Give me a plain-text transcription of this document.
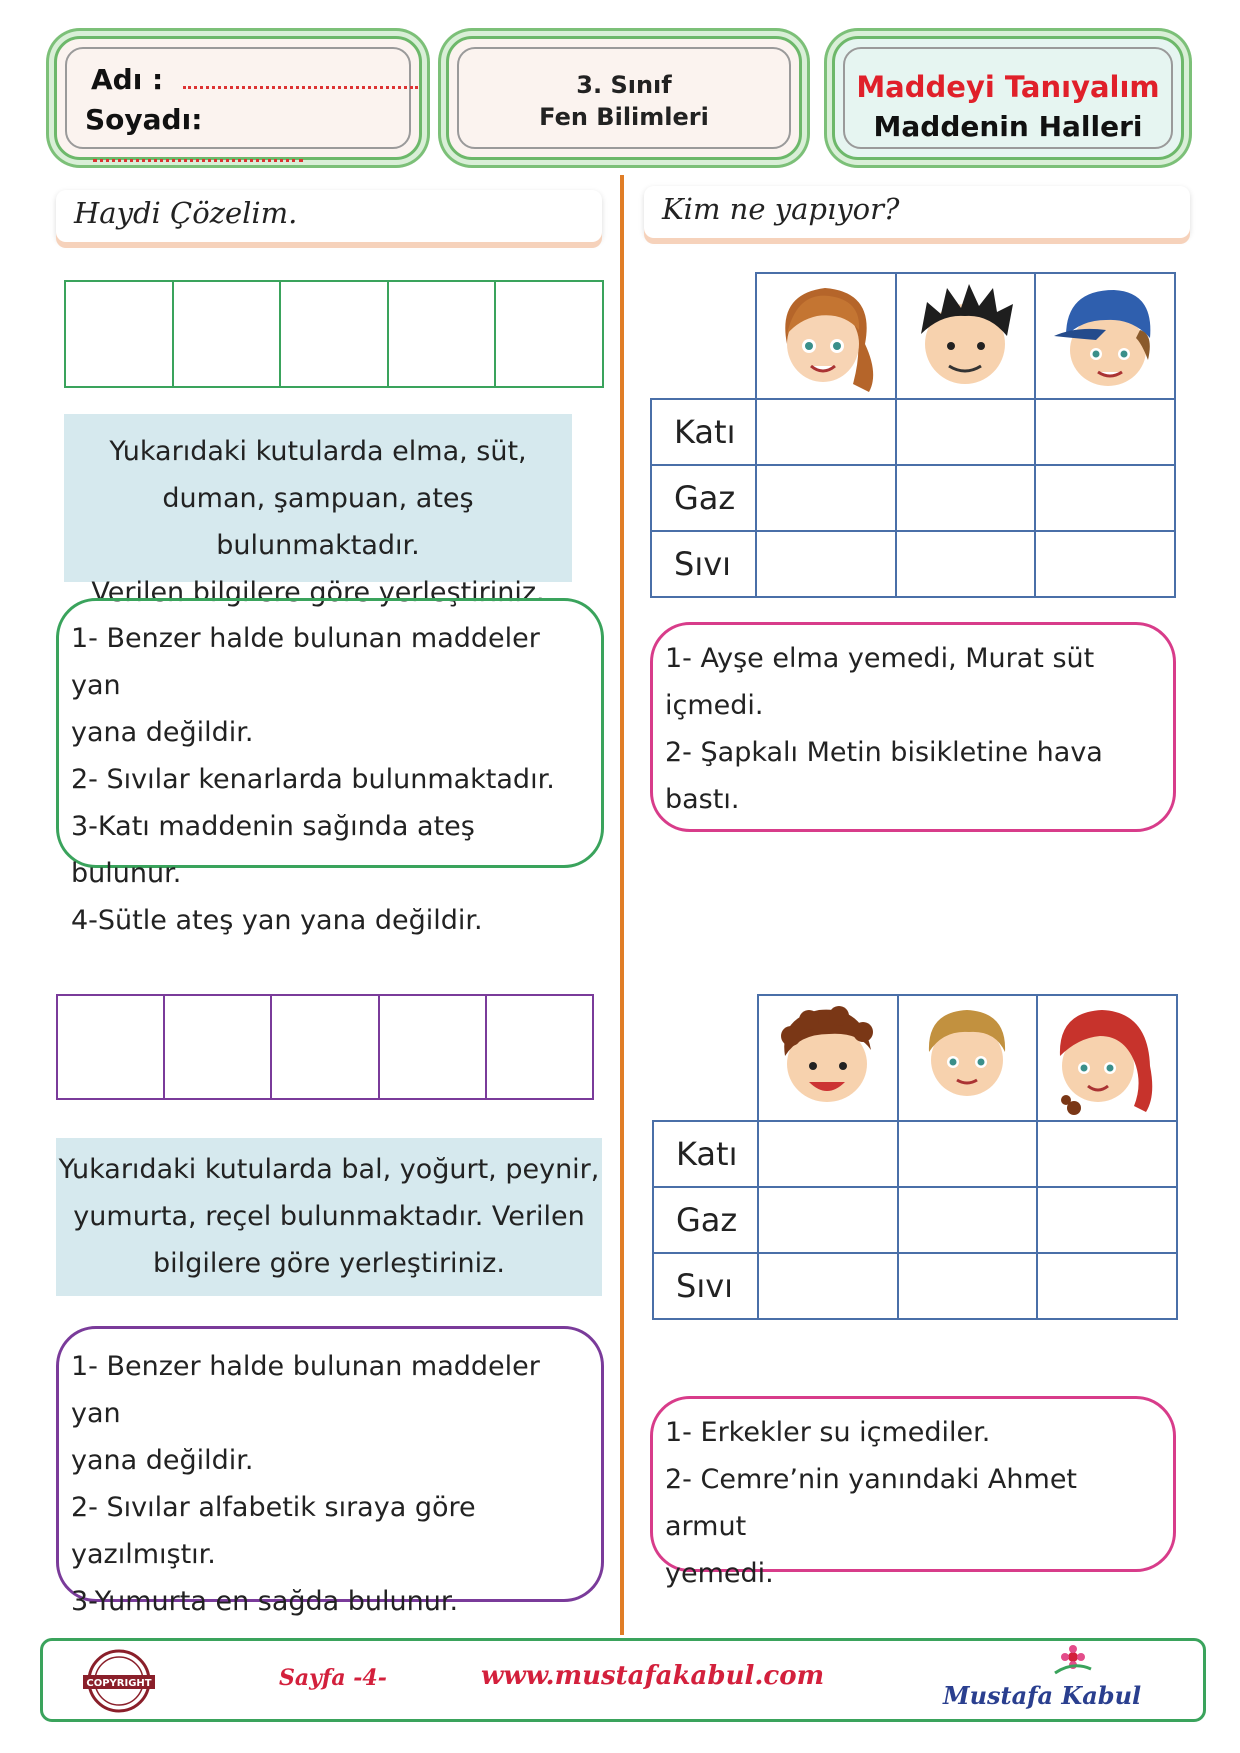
Adı :
Soyadı:
3. Sınıf
Fen Bilimleri
Maddeyi Tanıyalım
Maddenin Halleri
Haydi Çözelim.
Yukarıdaki kutularda elma, süt,
duman, şampuan, ateş bulunmaktadır.
Verilen bilgilere göre yerleştiriniz.
1- Benzer halde bulunan maddeler yan
yana değildir.
2- Sıvılar kenarlarda bulunmaktadır.
3-Katı maddenin sağında ateş bulunur.
4-Sütle ateş yan yana değildir.
Yukarıdaki kutularda bal, yoğurt, peynir,
yumurta, reçel bulunmaktadır. Verilen
bilgilere göre yerleştiriniz.
1- Benzer halde bulunan maddeler yan
yana değildir.
2- Sıvılar alfabetik sıraya göre
yazılmıştır.
3-Yumurta en sağda bulunur.
Kim ne yapıyor?

Katı			
Gaz			
Sıvı			
1- Ayşe elma yemedi, Murat süt
içmedi.
2- Şapkalı Metin bisikletine hava
bastı.

Katı			
Gaz			
Sıvı			
1- Erkekler su içmediler.
2- Cemre’nin yanındaki Ahmet armut
yemedi.
COPYRIGHT	Sayfa -4-	www.mustafakabul.com
Mustafa Kabul
